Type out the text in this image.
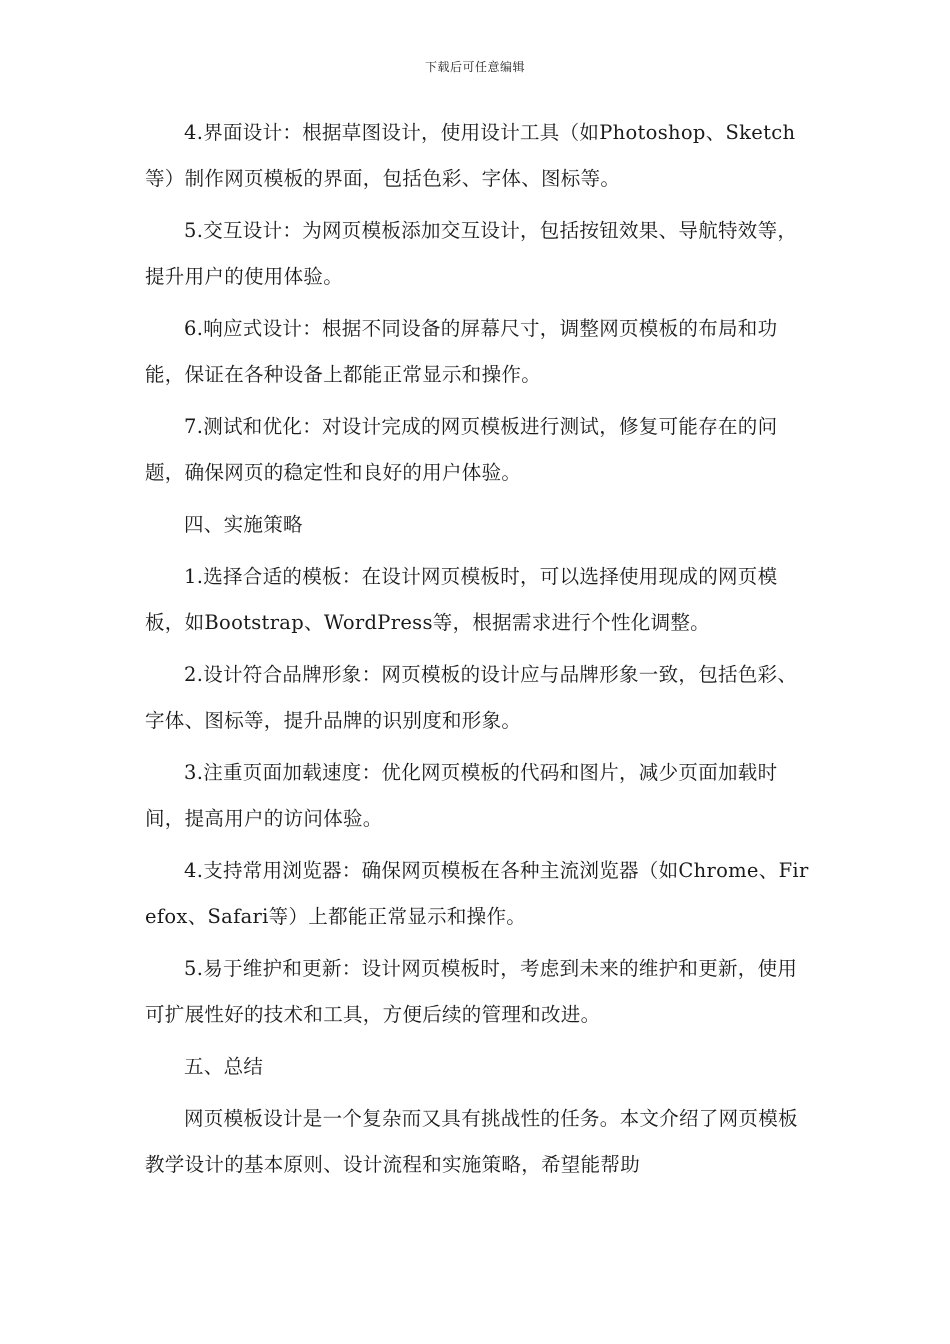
下载后可任意编辑

4.界面设计：根据草图设计，使用设计工具（如Photoshop、Sketch等）制作网页模板的界面，包括色彩、字体、图标等。

5.交互设计：为网页模板添加交互设计，包括按钮效果、导航特效等，提升用户的使用体验。

6.响应式设计：根据不同设备的屏幕尺寸，调整网页模板的布局和功能，保证在各种设备上都能正常显示和操作。

7.测试和优化：对设计完成的网页模板进行测试，修复可能存在的问题，确保网页的稳定性和良好的用户体验。

四、实施策略

1.选择合适的模板：在设计网页模板时，可以选择使用现成的网页模板，如Bootstrap、WordPress等，根据需求进行个性化调整。

2.设计符合品牌形象：网页模板的设计应与品牌形象一致，包括色彩、字体、图标等，提升品牌的识别度和形象。

3.注重页面加载速度：优化网页模板的代码和图片，减少页面加载时间，提高用户的访问体验。

4.支持常用浏览器：确保网页模板在各种主流浏览器（如Chrome、Firefox、Safari等）上都能正常显示和操作。

5.易于维护和更新：设计网页模板时，考虑到未来的维护和更新，使用可扩展性好的技术和工具，方便后续的管理和改进。

五、总结

网页模板设计是一个复杂而又具有挑战性的任务。本文介绍了网页模板教学设计的基本原则、设计流程和实施策略，希望能帮助
